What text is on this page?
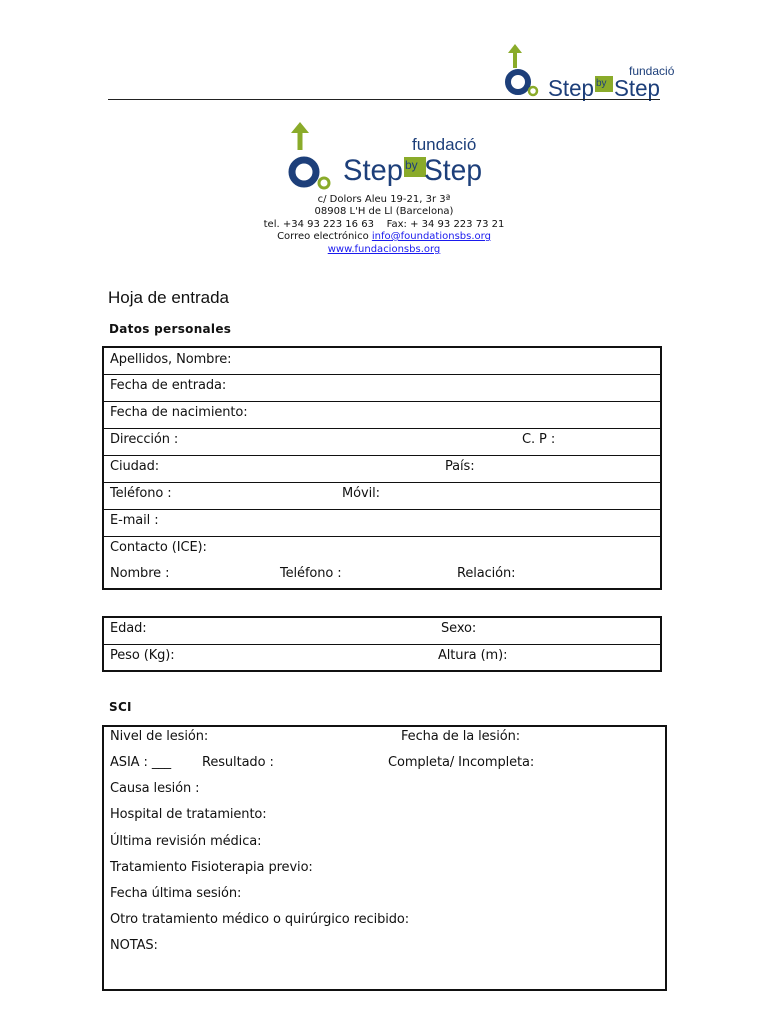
fundació
Step by Step
fundació
Step by Step
c/ Dolors Aleu 19-21, 3r 3ª
08908 L'H de Ll (Barcelona)
tel. +34 93 223 16 63 Fax: + 34 93 223 73 21
Correo electrónico info@foundationsbs.org
www.fundacionsbs.org
Hoja de entrada
Datos personales
Apellidos, Nombre:
Fecha de entrada:
Fecha de nacimiento:
Dirección :	C. P :
Ciudad:	País:
Teléfono :	Móvil:
E-mail :
Contacto (ICE):
Nombre :	Teléfono :	Relación:
Edad:	Sexo:
Peso (Kg):	Altura (m):
SCI
Nivel de lesión:	Fecha de la lesión:
ASIA : ___ Resultado :	Completa/ Incompleta:
Causa lesión :
Hospital de tratamiento:
Última revisión médica:
Tratamiento Fisioterapia previo:
Fecha última sesión:
Otro tratamiento médico o quirúrgico recibido:
NOTAS:
